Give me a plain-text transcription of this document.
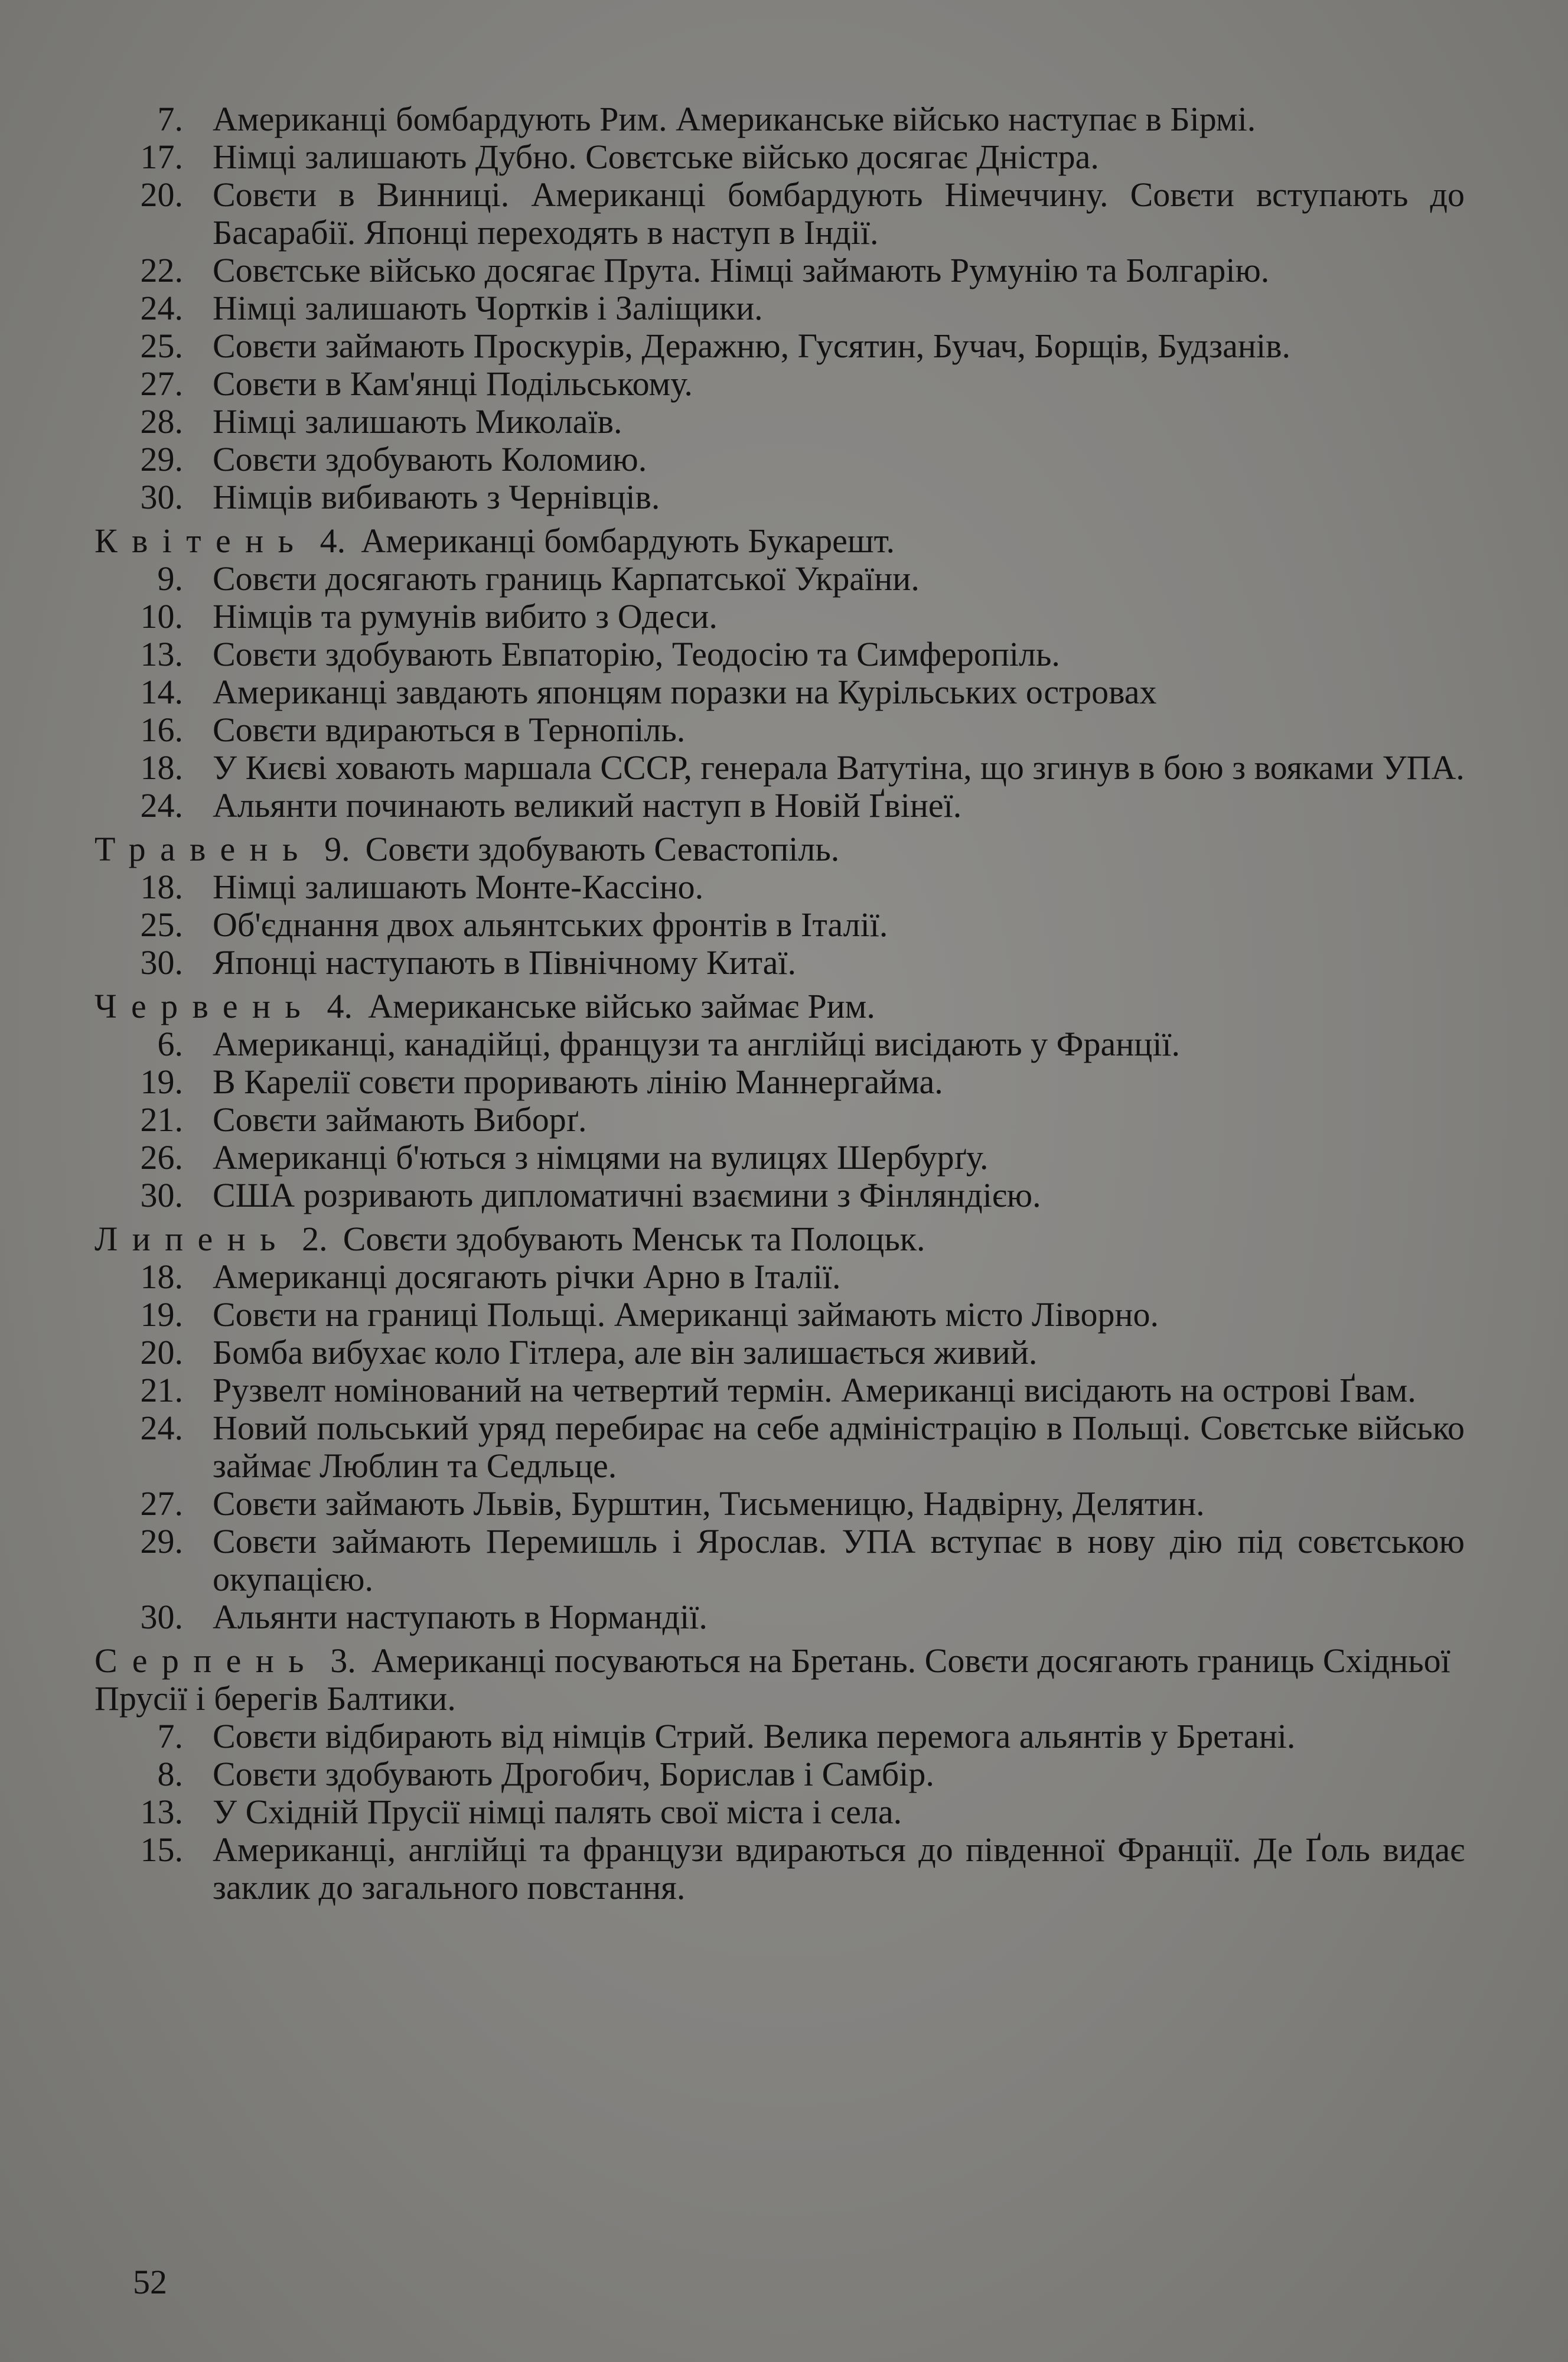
7. Американці бомбардують Рим. Американське військо наступає в Бірмі.
17. Німці залишають Дубно. Совєтське військо досягає Дністра.
20. Совєти в Винниці. Американці бомбардують Німеччину. Совєти вступають до Басарабії. Японці переходять в наступ в Індії.
22. Совєтське військо досягає Прута. Німці займають Румунію та Болгарію.
24. Німці залишають Чортків і Заліщики.
25. Совєти займають Проскурів, Деражню, Гусятин, Бучач, Борщів, Будзанів.
27. Совєти в Кам'янці Подільському.
28. Німці залишають Миколаїв.
29. Совєти здобувають Коломию.
30. Німців вибивають з Чернівців.
Квітень 4. Американці бомбардують Букарешт.
9. Совєти досягають границь Карпатської України.
10. Німців та румунів вибито з Одеси.
13. Совєти здобувають Евпаторію, Теодосію та Симферопіль.
14. Американці завдають японцям поразки на Курільських островах
16. Совєти вдираються в Тернопіль.
18. У Києві ховають маршала СССР, генерала Ватутіна, що згинув в бою з вояками УПА.
24. Альянти починають великий наступ в Новій Ґвінеї.
Травень 9. Совєти здобувають Севастопіль.
18. Німці залишають Монте-Кассіно.
25. Об'єднання двох альянтських фронтів в Італії.
30. Японці наступають в Північному Китаї.
Червень 4. Американське військо займає Рим.
6. Американці, канадійці, французи та англійці висідають у Франції.
19. В Карелії совєти проривають лінію Маннергайма.
21. Совєти займають Виборґ.
26. Американці б'ються з німцями на вулицях Шербурґу.
30. США розривають дипломатичні взаємини з Фінляндією.
Липень 2. Совєти здобувають Менськ та Полоцьк.
18. Американці досягають річки Арно в Італії.
19. Совєти на границі Польщі. Американці займають місто Ліворно.
20. Бомба вибухає коло Гітлера, але він залишається живий.
21. Рузвелт номінований на четвертий термін. Американці висідають на острові Ґвам.
24. Новий польський уряд перебирає на себе адміністрацію в Польщі. Совєтське військо займає Люблин та Седльце.
27. Совєти займають Львів, Бурштин, Тисьменицю, Надвірну, Делятин.
29. Совєти займають Перемишль і Ярослав. УПА вступає в нову дію під совєтською окупацією.
30. Альянти наступають в Нормандії.
Серпень 3. Американці посуваються на Бретань. Совєти досягають границь Східньої Прусії і берегів Балтики.
7. Совєти відбирають від німців Стрий. Велика перемога альянтів у Бретані.
8. Совєти здобувають Дрогобич, Борислав і Самбір.
13. У Східній Прусії німці палять свої міста і села.
15. Американці, англійці та французи вдираються до південної Франції. Де Ґоль видає заклик до загального повстання.
52
